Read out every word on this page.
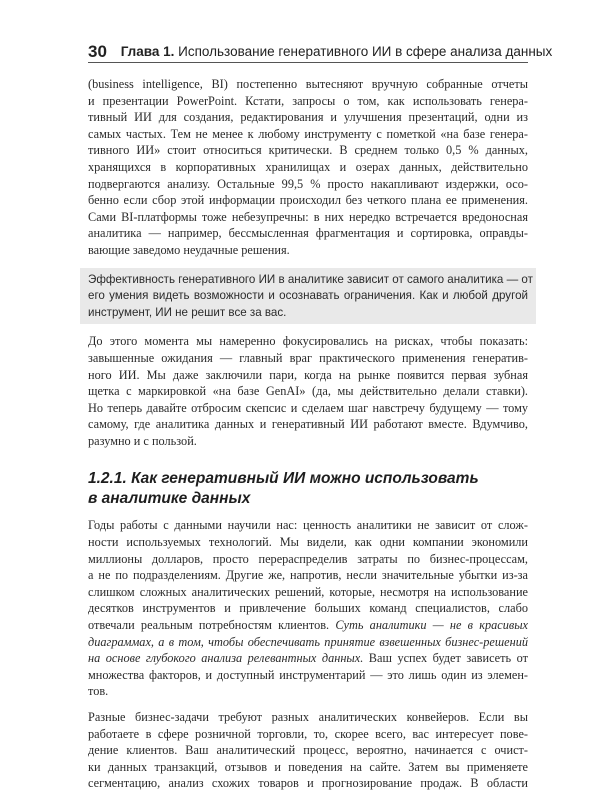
30 Глава 1. Использование генеративного ИИ в сфере анализа данных
(business intelligence, BI) постепенно вытесняют вручную собранные отчеты
и презентации PowerPoint. Кстати, запросы о том, как использовать генера-
тивный ИИ для создания, редактирования и улучшения презентаций, одни из
самых частых. Тем не менее к любому инструменту с пометкой «на базе генера-
тивного ИИ» стоит относиться критически. В среднем только 0,5 % данных,
хранящихся в корпоративных хранилищах и озерах данных, действительно
подвергаются анализу. Остальные 99,5 % просто накапливают издержки, осо-
бенно если сбор этой информации происходил без четкого плана ее применения.
Сами BI-платформы тоже небезупречны: в них нередко встречается вредоносная
аналитика — например, бессмысленная фрагментация и сортировка, оправды-
вающие заведомо неудачные решения.
Эффективность генеративного ИИ в аналитике зависит от самого аналитика — от
его умения видеть возможности и осознавать ограничения. Как и любой другой
инструмент, ИИ не решит все за вас.
До этого момента мы намеренно фокусировались на рисках, чтобы показать:
завышенные ожидания — главный враг практического применения генератив-
ного ИИ. Мы даже заключили пари, когда на рынке появится первая зубная
щетка с маркировкой «на базе GenAI» (да, мы действительно делали ставки).
Но теперь давайте отбросим скепсис и сделаем шаг навстречу будущему — тому
самому, где аналитика данных и генеративный ИИ работают вместе. Вдумчиво,
разумно и с пользой.
1.2.1. Как генеративный ИИ можно использовать
в аналитике данных
Годы работы с данными научили нас: ценность аналитики не зависит от слож-
ности используемых технологий. Мы видели, как одни компании экономили
миллионы долларов, просто перераспределив затраты по бизнес-процессам,
а не по подразделениям. Другие же, напротив, несли значительные убытки из-за
слишком сложных аналитических решений, которые, несмотря на использование
десятков инструментов и привлечение больших команд специалистов, слабо
отвечали реальным потребностям клиентов. Суть аналитики — не в красивых
диаграммах, а в том, чтобы обеспечивать принятие взвешенных бизнес-решений
на основе глубокого анализа релевантных данных. Ваш успех будет зависеть от
множества факторов, и доступный инструментарий — это лишь один из элемен-
тов.
Разные бизнес-задачи требуют разных аналитических конвейеров. Если вы
работаете в сфере розничной торговли, то, скорее всего, вас интересует пове-
дение клиентов. Ваш аналитический процесс, вероятно, начинается с очист-
ки данных транзакций, отзывов и поведения на сайте. Затем вы применяете
сегментацию, анализ схожих товаров и прогнозирование продаж. В области
